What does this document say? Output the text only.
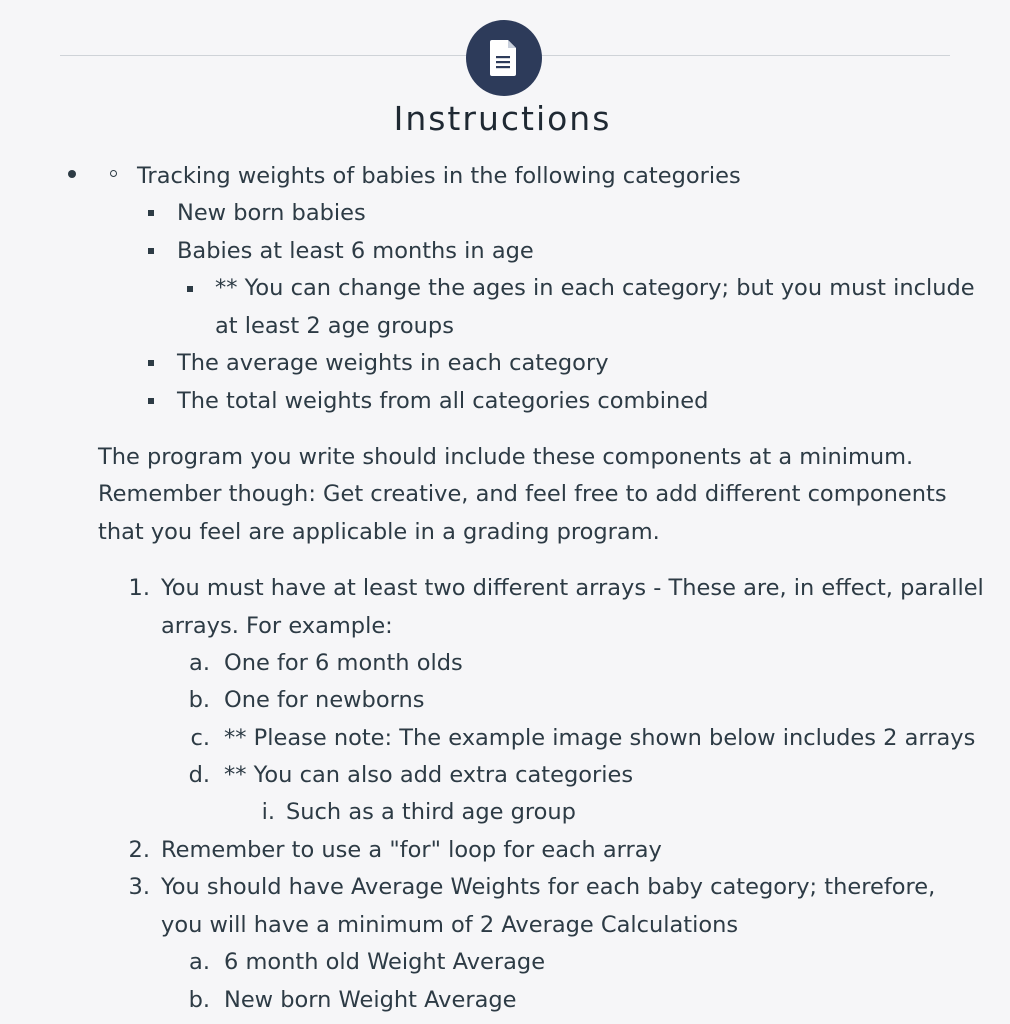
Instructions
Tracking weights of babies in the following categories
New born babies
Babies at least 6 months in age
** You can change the ages in each category; but you must include
at least 2 age groups
The average weights in each category
The total weights from all categories combined
The program you write should include these components at a minimum.
Remember though: Get creative, and feel free to add different components
that you feel are applicable in a grading program.
1. You must have at least two different arrays - These are, in effect, parallel
arrays. For example:
a. One for 6 month olds
b. One for newborns
c. ** Please note: The example image shown below includes 2 arrays
d. ** You can also add extra categories
i. Such as a third age group
2. Remember to use a "for" loop for each array
3. You should have Average Weights for each baby category; therefore,
you will have a minimum of 2 Average Calculations
a. 6 month old Weight Average
b. New born Weight Average
